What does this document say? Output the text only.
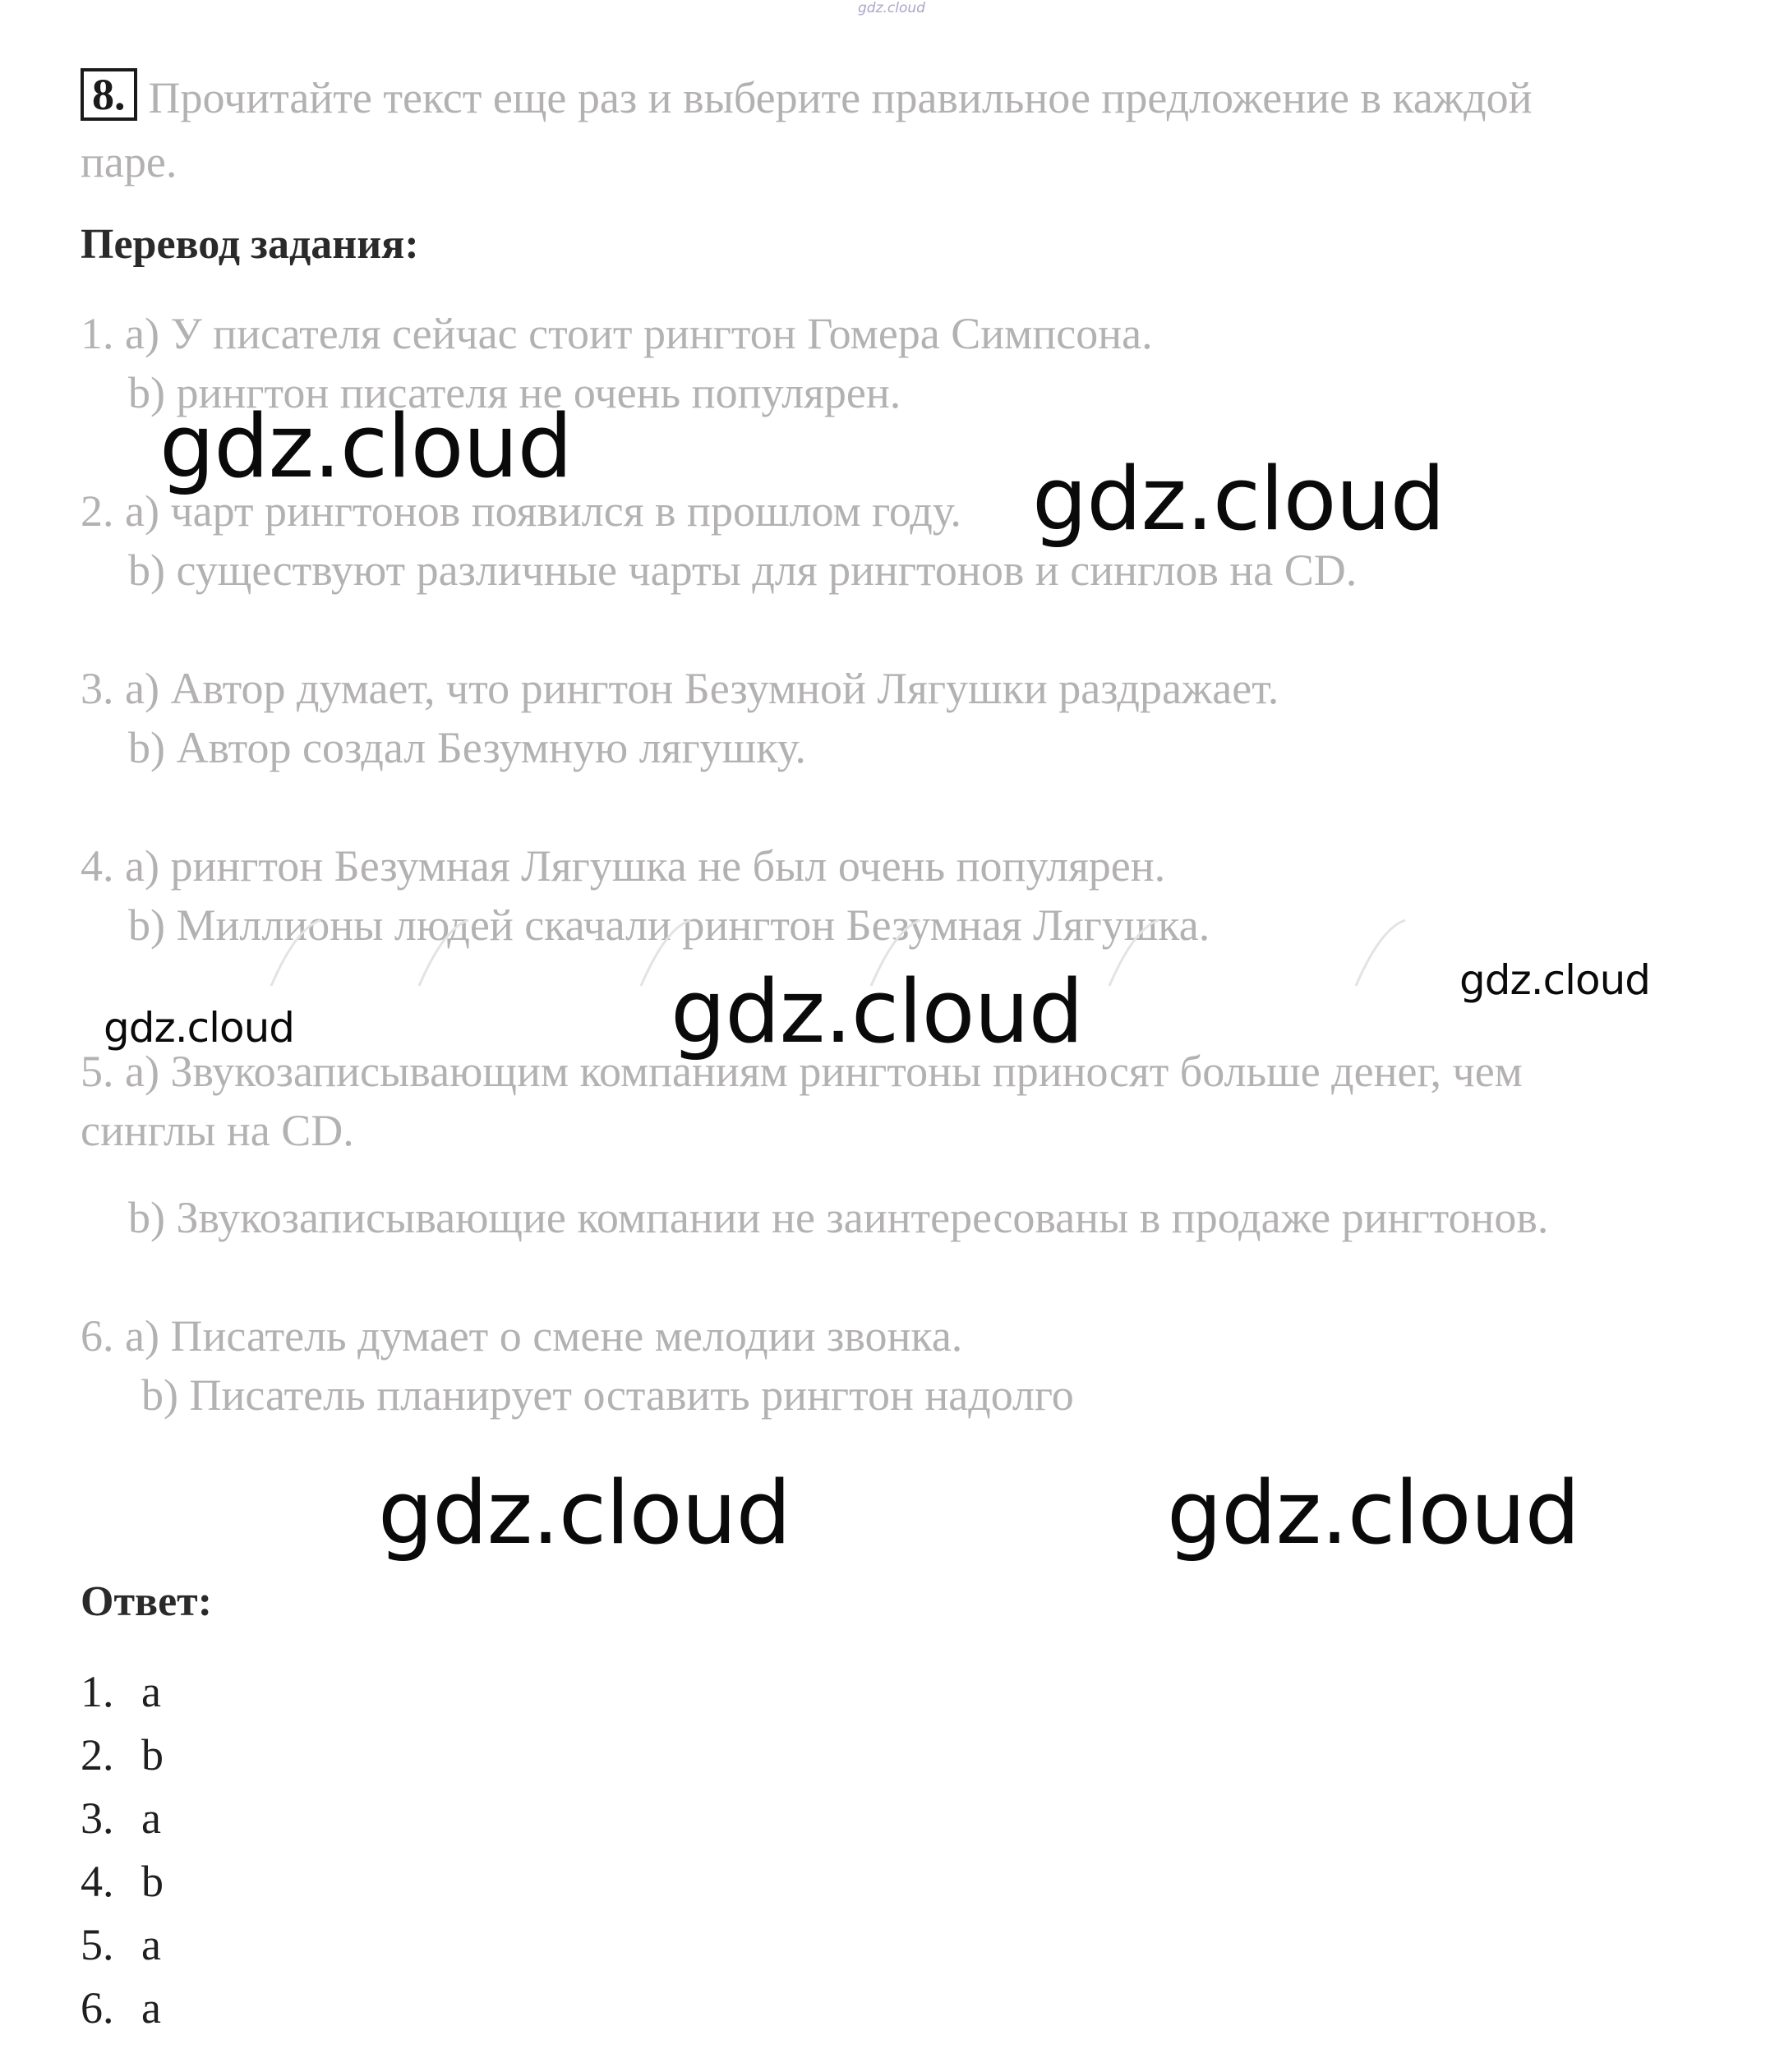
gdz.cloud
8. Прочитайте текст еще раз и выберите правильное предложение в каждой
паре.
Перевод задания:
1. a) У писателя сейчас стоит рингтон Гомера Симпсона.
b) рингтон писателя не очень популярен.
2. a) чарт рингтонов появился в прошлом году.
b) существуют различные чарты для рингтонов и синглов на CD.
3. a) Автор думает, что рингтон Безумной Лягушки раздражает.
b) Автор создал Безумную лягушку.
4. a) рингтон Безумная Лягушка не был очень популярен.
b) Миллионы людей скачали рингтон Безумная Лягушка.
5. a) Звукозаписывающим компаниям рингтоны приносят больше денег, чем
синглы на CD.
b) Звукозаписывающие компании не заинтересованы в продаже рингтонов.
6. a) Писатель думает о смене мелодии звонка.
b) Писатель планирует оставить рингтон надолго
Ответ:
1. a
2. b
3. a
4. b
5. a
6. a
gdz.cloud
gdz.cloud
gdz.cloud
gdz.cloud	gdz.cloud
gdz.cloud	gdz.cloud
